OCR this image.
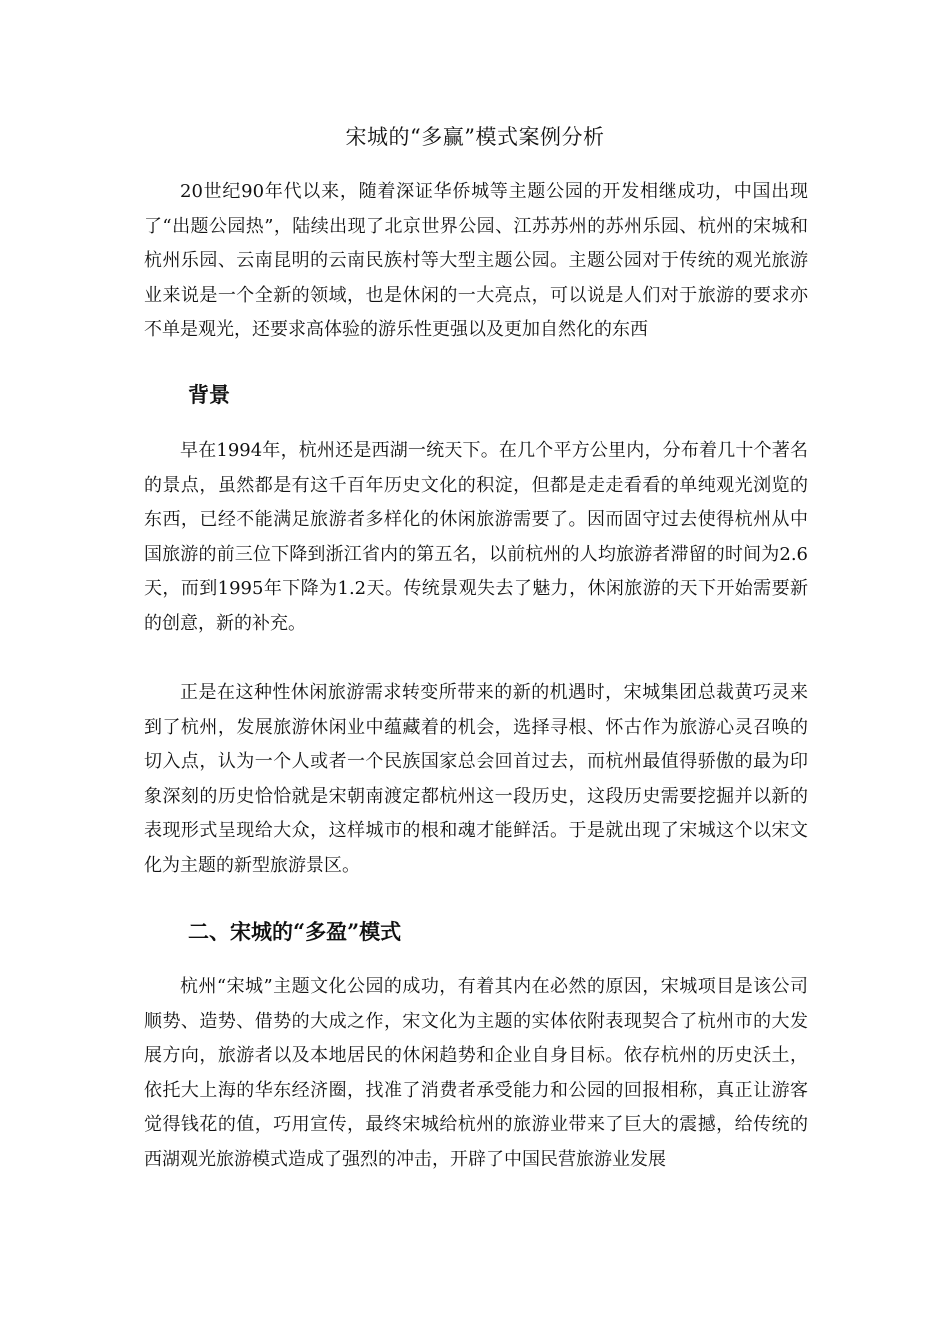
宋城的“多赢”模式案例分析

20世纪90年代以来，随着深证华侨城等主题公园的开发相继成功，中国出现了“出题公园热”，陆续出现了北京世界公园、江苏苏州的苏州乐园、杭州的宋城和杭州乐园、云南昆明的云南民族村等大型主题公园。主题公园对于传统的观光旅游业来说是一个全新的领域，也是休闲的一大亮点，可以说是人们对于旅游的要求亦不单是观光，还要求高体验的游乐性更强以及更加自然化的东西

背景

早在1994年，杭州还是西湖一统天下。在几个平方公里内，分布着几十个著名的景点，虽然都是有这千百年历史文化的积淀，但都是走走看看的单纯观光浏览的东西，已经不能满足旅游者多样化的休闲旅游需要了。因而固守过去使得杭州从中国旅游的前三位下降到浙江省内的第五名，以前杭州的人均旅游者滞留的时间为2.6天，而到1995年下降为1.2天。传统景观失去了魅力，休闲旅游的天下开始需要新的创意，新的补充。

正是在这种性休闲旅游需求转变所带来的新的机遇时，宋城集团总裁黄巧灵来到了杭州，发展旅游休闲业中蕴藏着的机会，选择寻根、怀古作为旅游心灵召唤的切入点，认为一个人或者一个民族国家总会回首过去，而杭州最值得骄傲的最为印象深刻的历史恰恰就是宋朝南渡定都杭州这一段历史，这段历史需要挖掘并以新的表现形式呈现给大众，这样城市的根和魂才能鲜活。于是就出现了宋城这个以宋文化为主题的新型旅游景区。

二、宋城的“多盈”模式

杭州“宋城”主题文化公园的成功，有着其内在必然的原因，宋城项目是该公司顺势、造势、借势的大成之作，宋文化为主题的实体依附表现契合了杭州市的大发展方向，旅游者以及本地居民的休闲趋势和企业自身目标。依存杭州的历史沃土，依托大上海的华东经济圈，找准了消费者承受能力和公园的回报相称，真正让游客觉得钱花的值，巧用宣传，最终宋城给杭州的旅游业带来了巨大的震撼，给传统的西湖观光旅游模式造成了强烈的冲击，开辟了中国民营旅游业发展
